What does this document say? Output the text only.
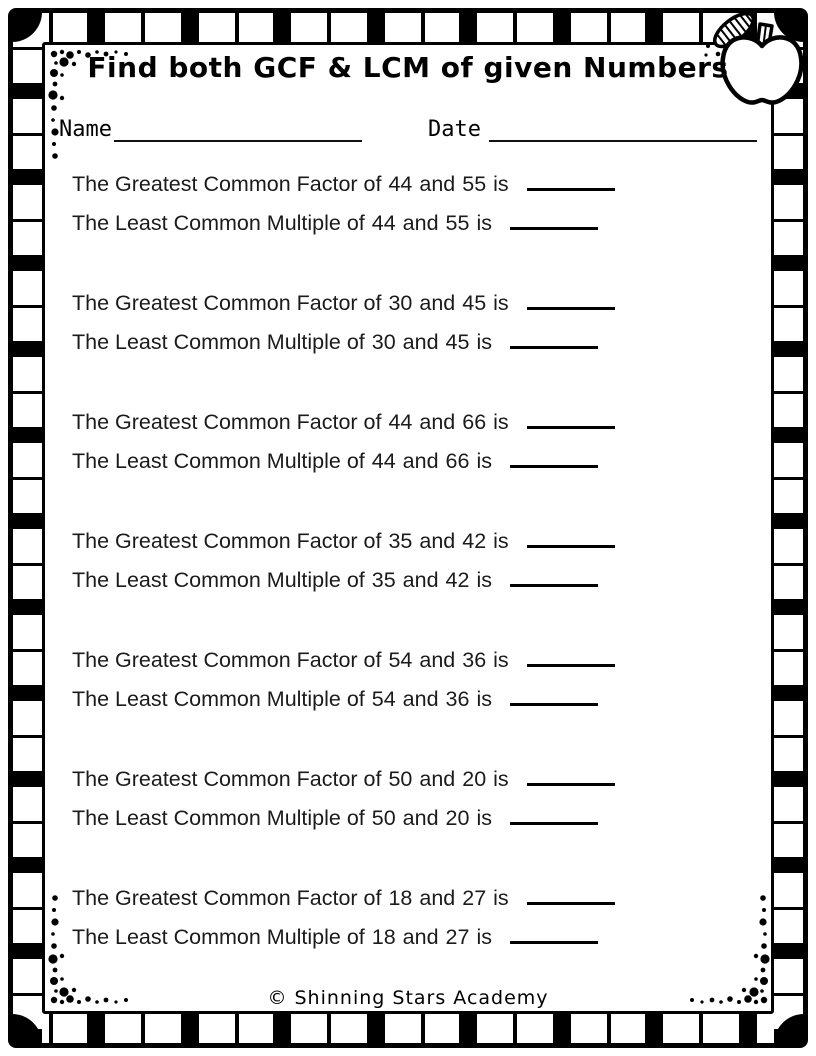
Find both GCF & LCM of given Numbers
Name	Date
The Greatest Common Factor of 44 and 55 is
The Least Common Multiple of 44 and 55 is
The Greatest Common Factor of 30 and 45 is
The Least Common Multiple of 30 and 45 is
The Greatest Common Factor of 44 and 66 is
The Least Common Multiple of 44 and 66 is
The Greatest Common Factor of 35 and 42 is
The Least Common Multiple of 35 and 42 is
The Greatest Common Factor of 54 and 36 is
The Least Common Multiple of 54 and 36 is
The Greatest Common Factor of 50 and 20 is
The Least Common Multiple of 50 and 20 is
The Greatest Common Factor of 18 and 27 is
The Least Common Multiple of 18 and 27 is
© Shinning Stars Academy
